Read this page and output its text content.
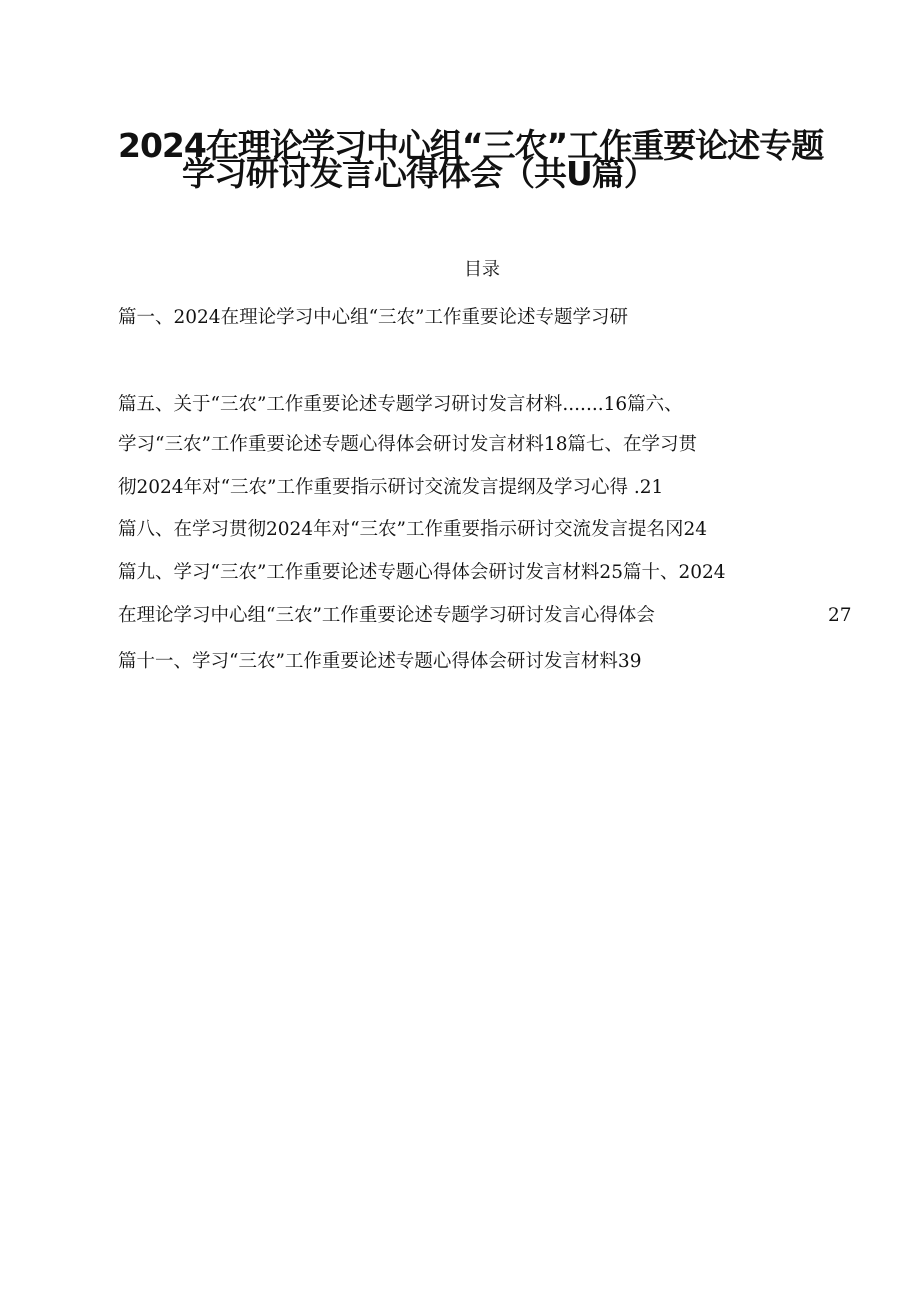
2024在理论学习中心组“三农”工作重要论述专题
学习研讨发言心得体会（共U篇）
目录
篇一、2024在理论学习中心组“三农”工作重要论述专题学习研
篇五、关于“三农”工作重要论述专题学习研讨发言材料.......16篇六、
学习“三农”工作重要论述专题心得体会研讨发言材料18篇七、在学习贯
彻2024年对“三农”工作重要指示研讨交流发言提纲及学习心得 .21
篇八、在学习贯彻2024年对“三农”工作重要指示研讨交流发言提名冈24
篇九、学习“三农”工作重要论述专题心得体会研讨发言材料25篇十、2024
在理论学习中心组“三农”工作重要论述专题学习研讨发言心得体会	27
篇十一、学习“三农”工作重要论述专题心得体会研讨发言材料39
